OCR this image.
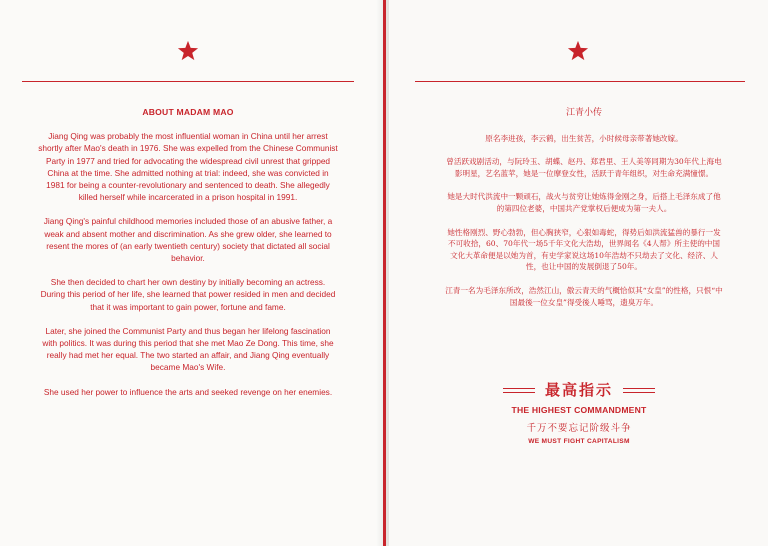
ABOUT MADAM MAO

Jiang Qing was probably the most influential woman in China until her arrest shortly after Mao's death in 1976. She was expelled from the Chinese Communist Party in 1977 and tried for advocating the widespread civil unrest that gripped China at the time. She admitted nothing at trial: indeed, she was convicted in 1981 for being a counter-revolutionary and sentenced to death. She allegedly killed herself while incarcerated in a prison hospital in 1991.

Jiang Qing's painful childhood memories included those of an abusive father, a weak and absent mother and discrimination. As she grew older, she learned to resent the mores of (an early twentieth century) society that dictated all social behavior.

She then decided to chart her own destiny by initially becoming an actress. During this period of her life, she learned that power resided in men and decided that it was important to gain power, fortune and fame.

Later, she joined the Communist Party and thus began her lifelong fascination with politics. It was during this period that she met Mao Ze Dong. This time, she really had met her equal. The two started an affair, and Jiang Qing eventually became Mao's Wife.

She used her power to influence the arts and seeked revenge on her enemies.

江青小传

原名李进孩，李云鹤，出生贫苦，小时候母亲带著她改嫁。

曾活跃戏剧活动，与阮玲玉、胡蝶、赵丹、郑君里、王人美等同期为30年代上海电影明星，艺名蓝苹，她是一位摩登女性，活跃于青年组织，对生命充满憧憬。

她是大时代洪流中一颗顽石，战火与贫穷让她炼得金刚之身，后搭上毛泽东成了他的第四位老婆，中国共产党掌权后便成为第一夫人。

她性格刚烈、野心勃勃，但心胸狭窄，心狠如毒蛇，得势后如洪流猛兽的暴行一发不可收拾，60、70年代一场5千年文化大浩劫，世界闻名《4人帮》所主使的中国文化大革命便是以她为首，有史学家说这场10年浩劫不只劫去了文化、经济、人性，也让中国的发展倒退了50年。

江青一名为毛泽东所改，浩然江山，傲云青天的气概恰似其“女皇”的性格，只恨“中国最後一位女皇”得受後人唾骂，遗臭万年。

最高指示
THE HIGHEST COMMANDMENT
千万不要忘记阶级斗争
WE MUST FIGHT CAPITALISM
